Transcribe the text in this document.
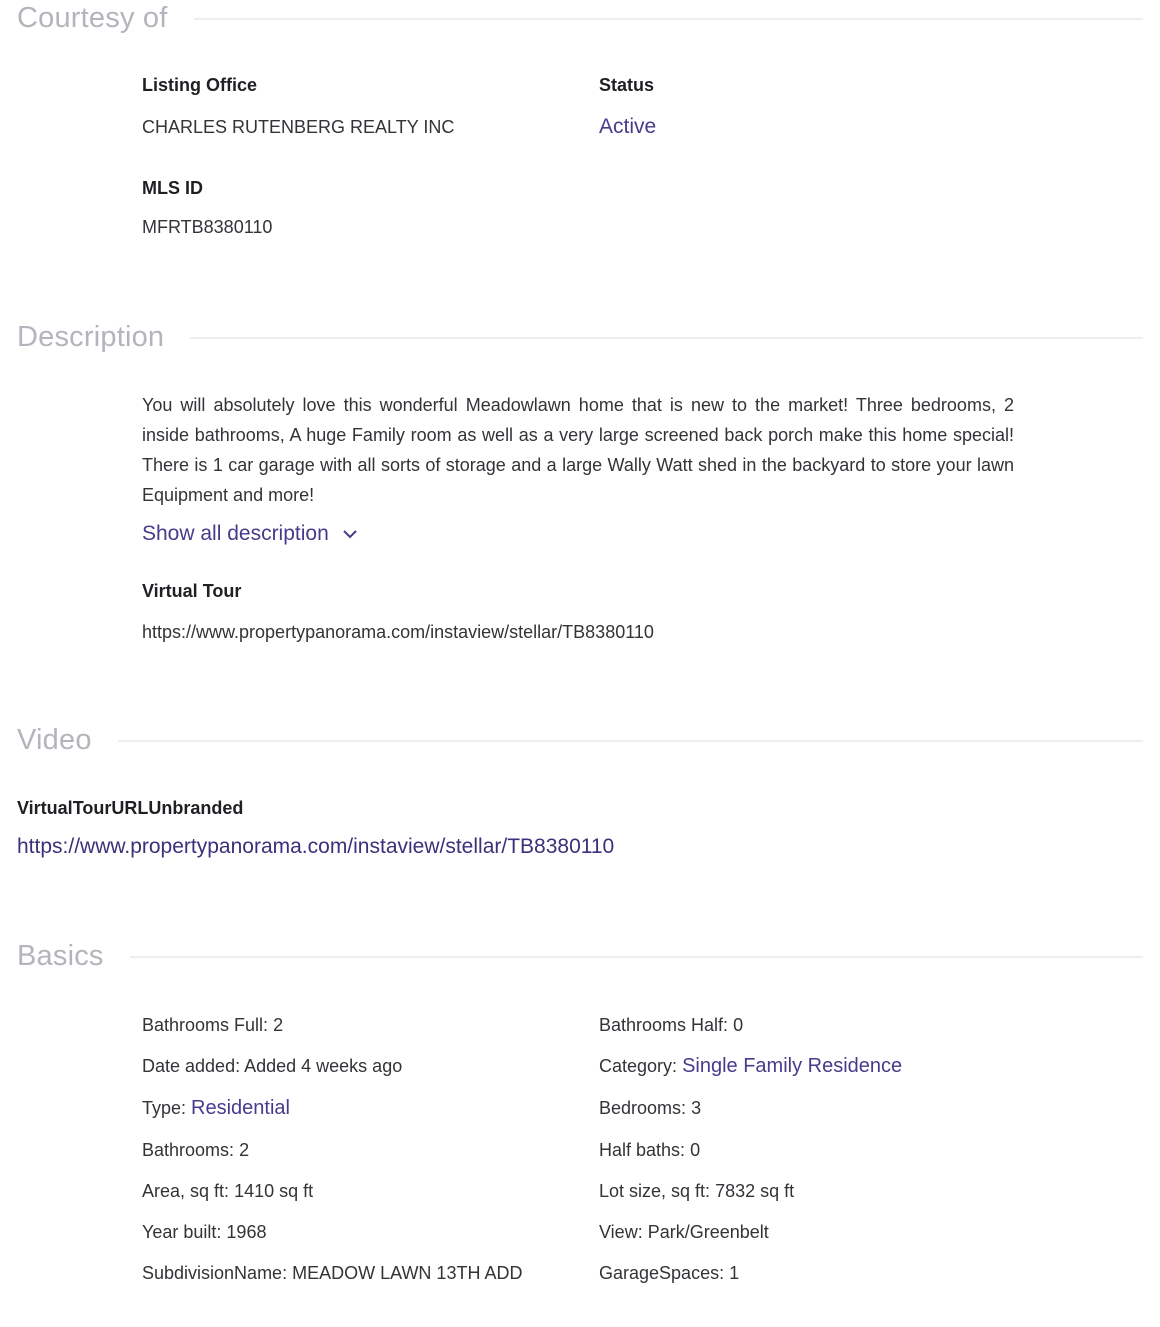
Courtesy of
Listing Office
CHARLES RUTENBERG REALTY INC
Status
Active
MLS ID
MFRTB8380110
Description
You will absolutely love this wonderful Meadowlawn home that is new to the market! Three bedrooms, 2 inside bathrooms, A huge Family room as well as a very large screened back porch make this home special! There is 1 car garage with all sorts of storage and a large Wally Watt shed in the backyard to store your lawn Equipment and more!
Show all description
Virtual Tour
https://www.propertypanorama.com/instaview/stellar/TB8380110
Video
VirtualTourURLUnbranded
https://www.propertypanorama.com/instaview/stellar/TB8380110
Basics
Bathrooms Full: 2
Date added: Added 4 weeks ago
Type: Residential
Bathrooms: 2
Area, sq ft: 1410 sq ft
Year built: 1968
SubdivisionName: MEADOW LAWN 13TH ADD
Bathrooms Half: 0
Category: Single Family Residence
Bedrooms: 3
Half baths: 0
Lot size, sq ft: 7832 sq ft
View: Park/Greenbelt
GarageSpaces: 1
